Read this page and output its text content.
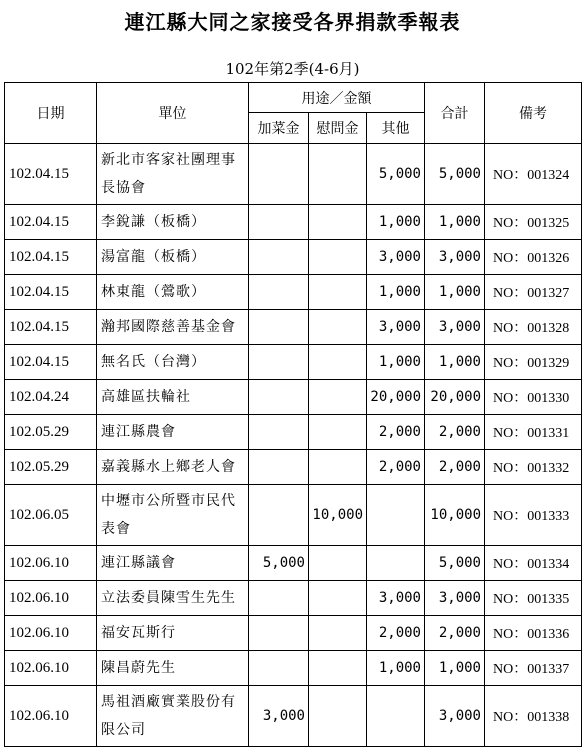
連江縣大同之家接受各界捐款季報表
102年第2季(4-6月)
日期	單位	用途／金額			合計	備考
		加菜金	慰問金	其他		
102.04.15	新北市客家社團理事長協會			5,000	5,000	NO：001324
102.04.15	李銳謙（板橋）			1,000	1,000	NO：001325
102.04.15	湯富龍（板橋）			3,000	3,000	NO：001326
102.04.15	林東龍（鶯歌）			1,000	1,000	NO：001327
102.04.15	瀚邦國際慈善基金會			3,000	3,000	NO：001328
102.04.15	無名氏（台灣）			1,000	1,000	NO：001329
102.04.24	高雄區扶輪社			20,000	20,000	NO：001330
102.05.29	連江縣農會			2,000	2,000	NO：001331
102.05.29	嘉義縣水上鄉老人會			2,000	2,000	NO：001332
102.06.05	中壢市公所暨市民代表會		10,000		10,000	NO：001333
102.06.10	連江縣議會	5,000			5,000	NO：001334
102.06.10	立法委員陳雪生先生			3,000	3,000	NO：001335
102.06.10	福安瓦斯行			2,000	2,000	NO：001336
102.06.10	陳昌蔚先生			1,000	1,000	NO：001337
102.06.10	馬祖酒廠實業股份有限公司	3,000			3,000	NO：001338
